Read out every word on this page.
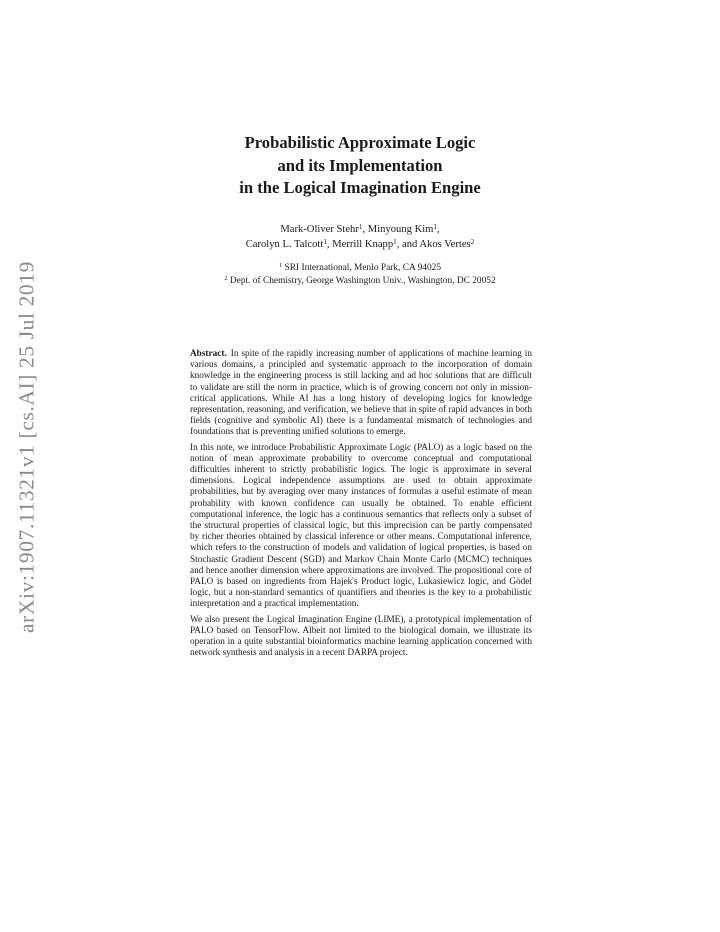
arXiv:1907.11321v1 [cs.AI] 25 Jul 2019
Probabilistic Approximate Logic
and its Implementation
in the Logical Imagination Engine
Mark-Oliver Stehr$^1$, Minyoung Kim$^1$,
Carolyn L. Talcott$^1$, Merrill Knapp$^1$, and Akos Vertes$^2$
$^1$ SRI International, Menlo Park, CA 94025
$^2$ Dept. of Chemistry, George Washington Univ., Washington, DC 20052

Abstract. In spite of the rapidly increasing number of applications of machine learning in various domains, a principled and systematic approach to the incorporation of domain knowledge in the engineering process is still lacking and ad hoc solutions that are difficult to validate are still the norm in practice, which is of growing concern not only in mission-critical applications. While AI has a long history of developing logics for knowledge representation, reasoning, and verification, we believe that in spite of rapid advances in both fields (cognitive and symbolic AI) there is a fundamental mismatch of technologies and foundations that is preventing unified solutions to emerge.

In this note, we introduce Probabilistic Approximate Logic (PALO) as a logic based on the notion of mean approximate probability to overcome conceptual and computational difficulties inherent to strictly probabilistic logics. The logic is approximate in several dimensions. Logical independence assumptions are used to obtain approximate probabilities, but by averaging over many instances of formulas a useful estimate of mean probability with known confidence can usually be obtained. To enable efficient computational inference, the logic has a continuous semantics that reflects only a subset of the structural properties of classical logic, but this imprecision can be partly compensated by richer theories obtained by classical inference or other means. Computational inference, which refers to the construction of models and validation of logical properties, is based on Stochastic Gradient Descent (SGD) and Markov Chain Monte Carlo (MCMC) techniques and hence another dimension where approximations are involved. The propositional core of PALO is based on ingredients from Hajek's Product logic, Lukasiewicz logic, and Gödel logic, but a non-standard semantics of quantifiers and theories is the key to a probabilistic interpretation and a practical implementation.

We also present the Logical Imagination Engine (LIME), a prototypical implementation of PALO based on TensorFlow. Albeit not limited to the biological domain, we illustrate its operation in a quite substantial bioinformatics machine learning application concerned with network synthesis and analysis in a recent DARPA project.
